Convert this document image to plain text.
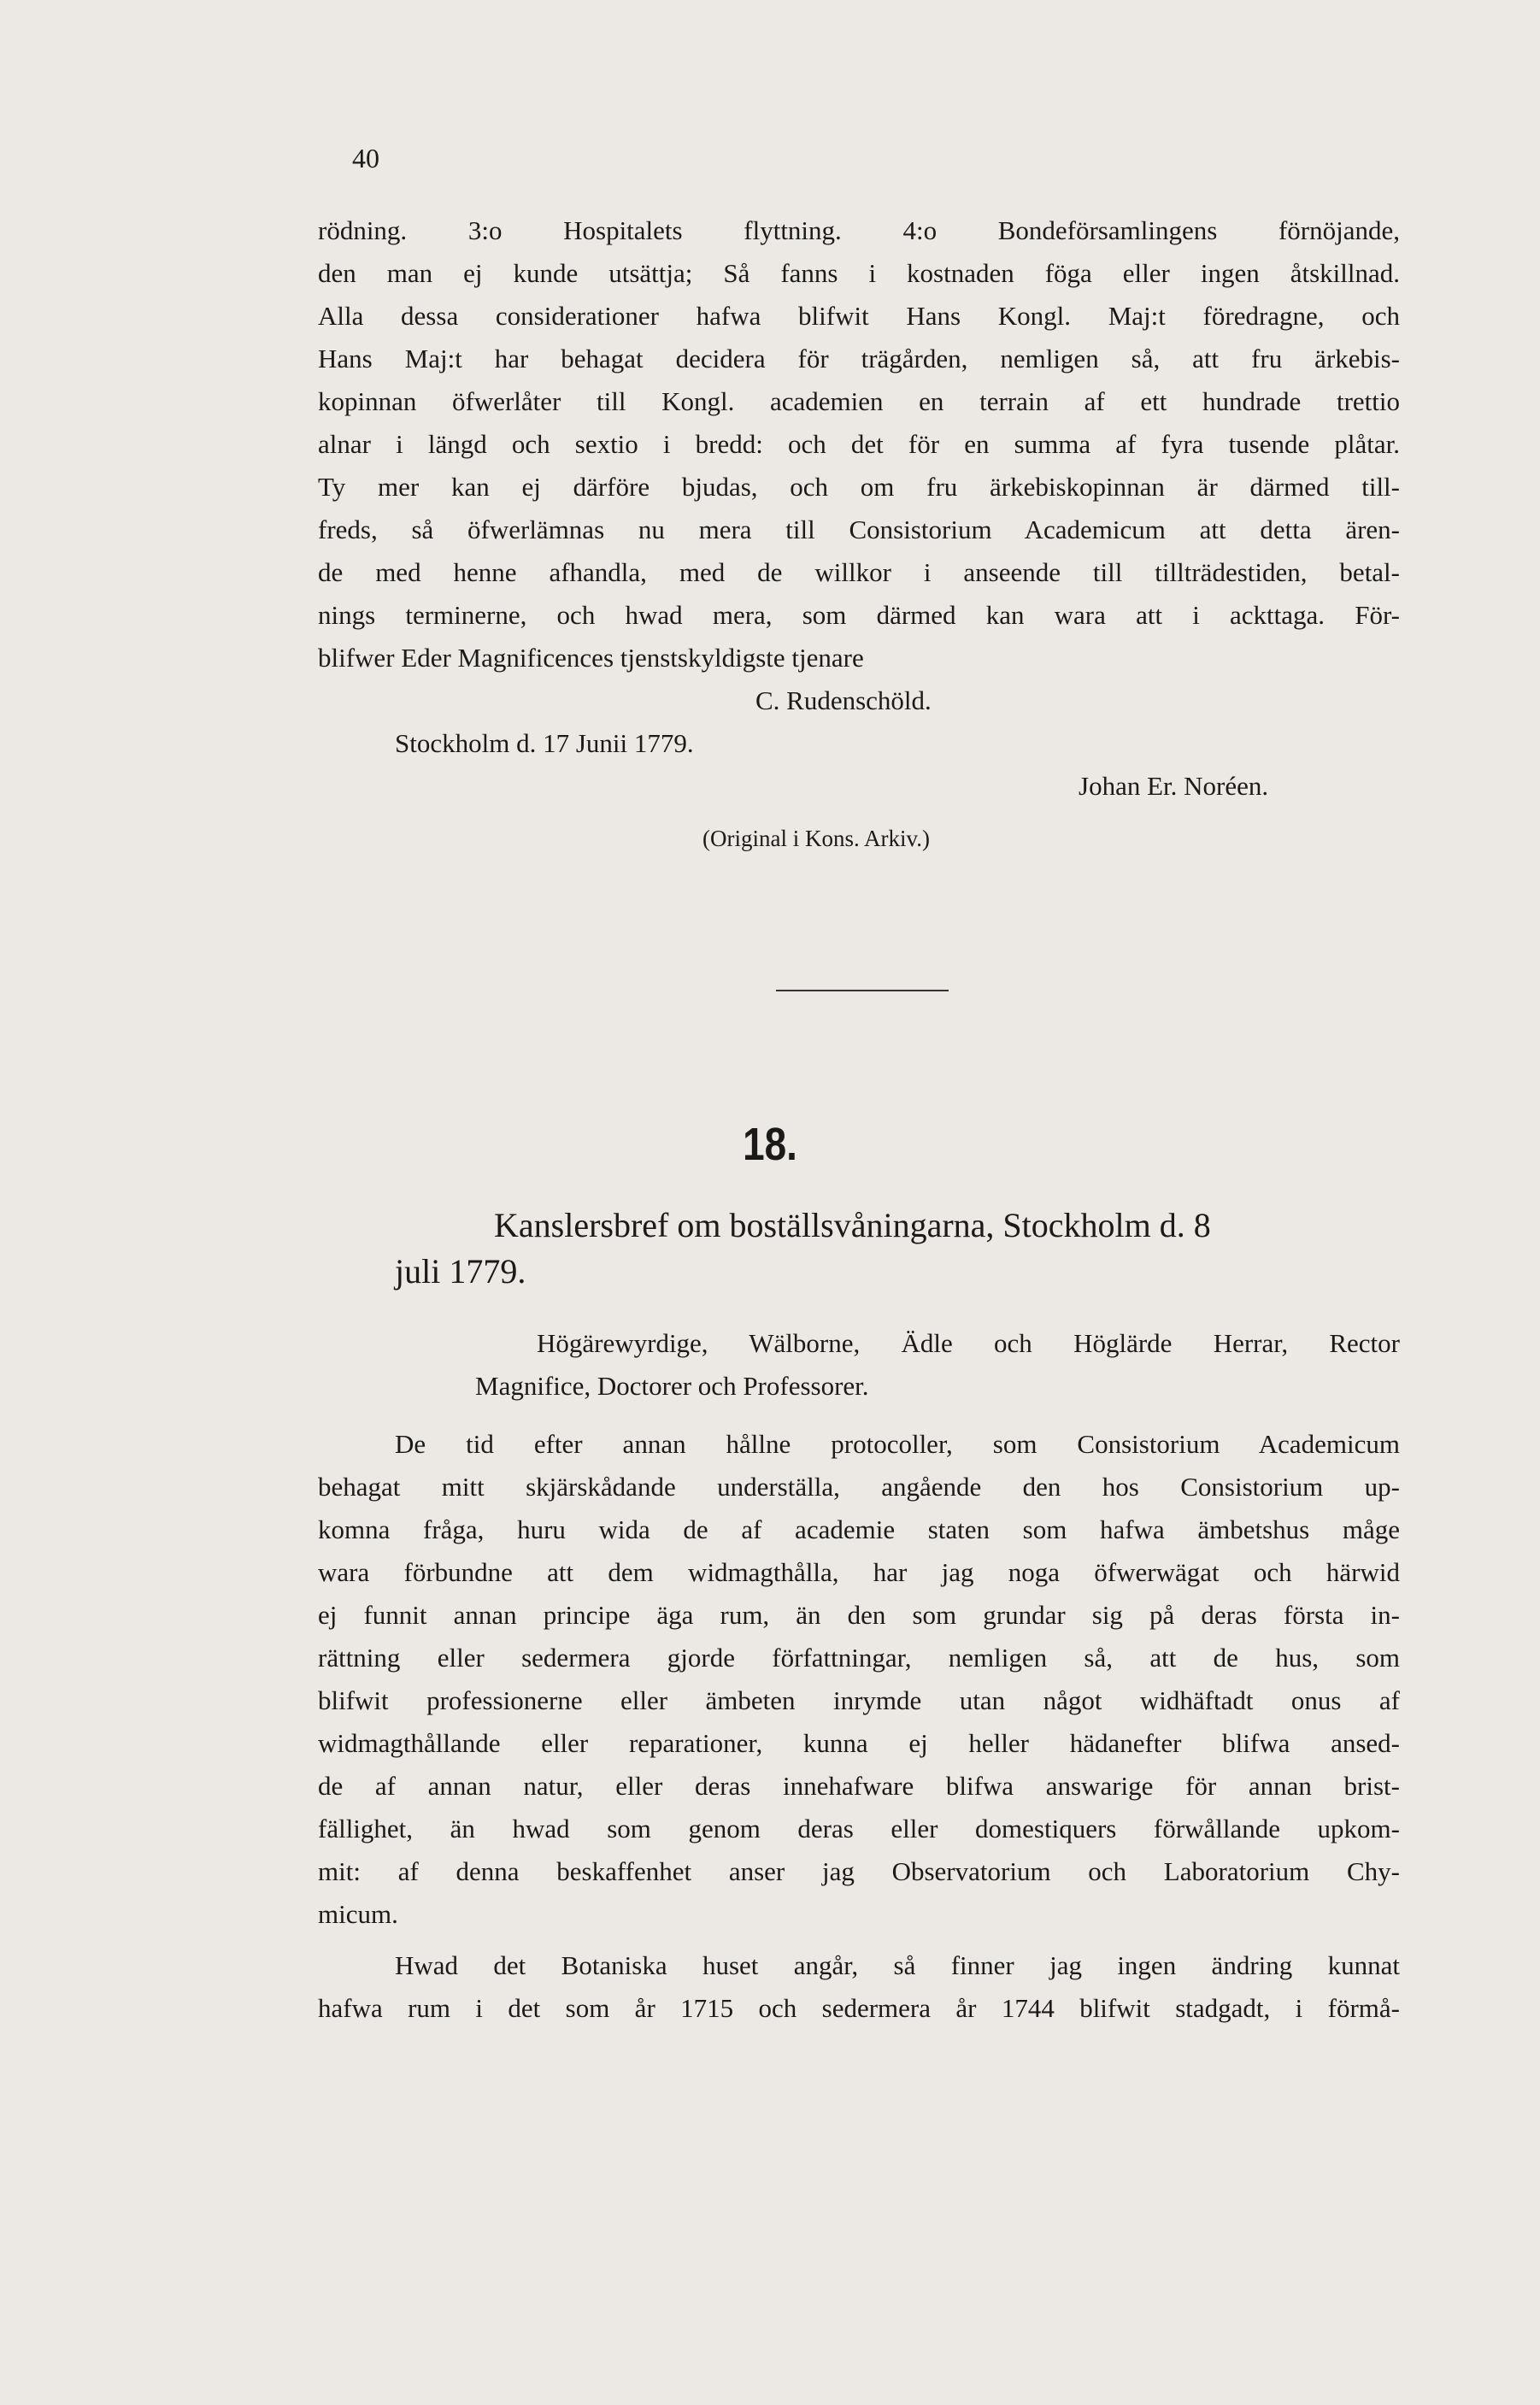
40
rödning. 3:o Hospitalets flyttning. 4:o Bondeförsamlingens förnöjande,
den man ej kunde utsättja; Så fanns i kostnaden föga eller ingen åtskillnad.
Alla dessa considerationer hafwa blifwit Hans Kongl. Maj:t föredragne, och
Hans Maj:t har behagat decidera för trägården, nemligen så, att fru ärkebis-
kopinnan öfwerlåter till Kongl. academien en terrain af ett hundrade trettio
alnar i längd och sextio i bredd: och det för en summa af fyra tusende plåtar.
Ty mer kan ej därföre bjudas, och om fru ärkebiskopinnan är därmed till-
freds, så öfwerlämnas nu mera till Consistorium Academicum att detta ären-
de med henne afhandla, med de willkor i anseende till tillträdestiden, betal-
nings terminerne, och hwad mera, som därmed kan wara att i ackttaga. För-
blifwer Eder Magnificences tjenstskyldigste tjenare
C. Rudenschöld.
Stockholm d. 17 Junii 1779.
Johan Er. Noréen.
(Original i Kons. Arkiv.)
18.
Kanslersbref om boställsvåningarna, Stockholm d. 8
juli 1779.
Högärewyrdige, Wälborne, Ädle och Höglärde Herrar, Rector
Magnifice, Doctorer och Professorer.
De tid efter annan hållne protocoller, som Consistorium Academicum
behagat mitt skjärskådande underställa, angående den hos Consistorium up-
komna fråga, huru wida de af academie staten som hafwa ämbetshus måge
wara förbundne att dem widmagthålla, har jag noga öfwerwägat och härwid
ej funnit annan principe äga rum, än den som grundar sig på deras första in-
rättning eller sedermera gjorde författningar, nemligen så, att de hus, som
blifwit professionerne eller ämbeten inrymde utan något widhäftadt onus af
widmagthållande eller reparationer, kunna ej heller hädanefter blifwa ansed-
de af annan natur, eller deras innehafware blifwa answarige för annan brist-
fällighet, än hwad som genom deras eller domestiquers förwållande upkom-
mit: af denna beskaffenhet anser jag Observatorium och Laboratorium Chy-
micum.
Hwad det Botaniska huset angår, så finner jag ingen ändring kunnat
hafwa rum i det som år 1715 och sedermera år 1744 blifwit stadgadt, i förmå-
